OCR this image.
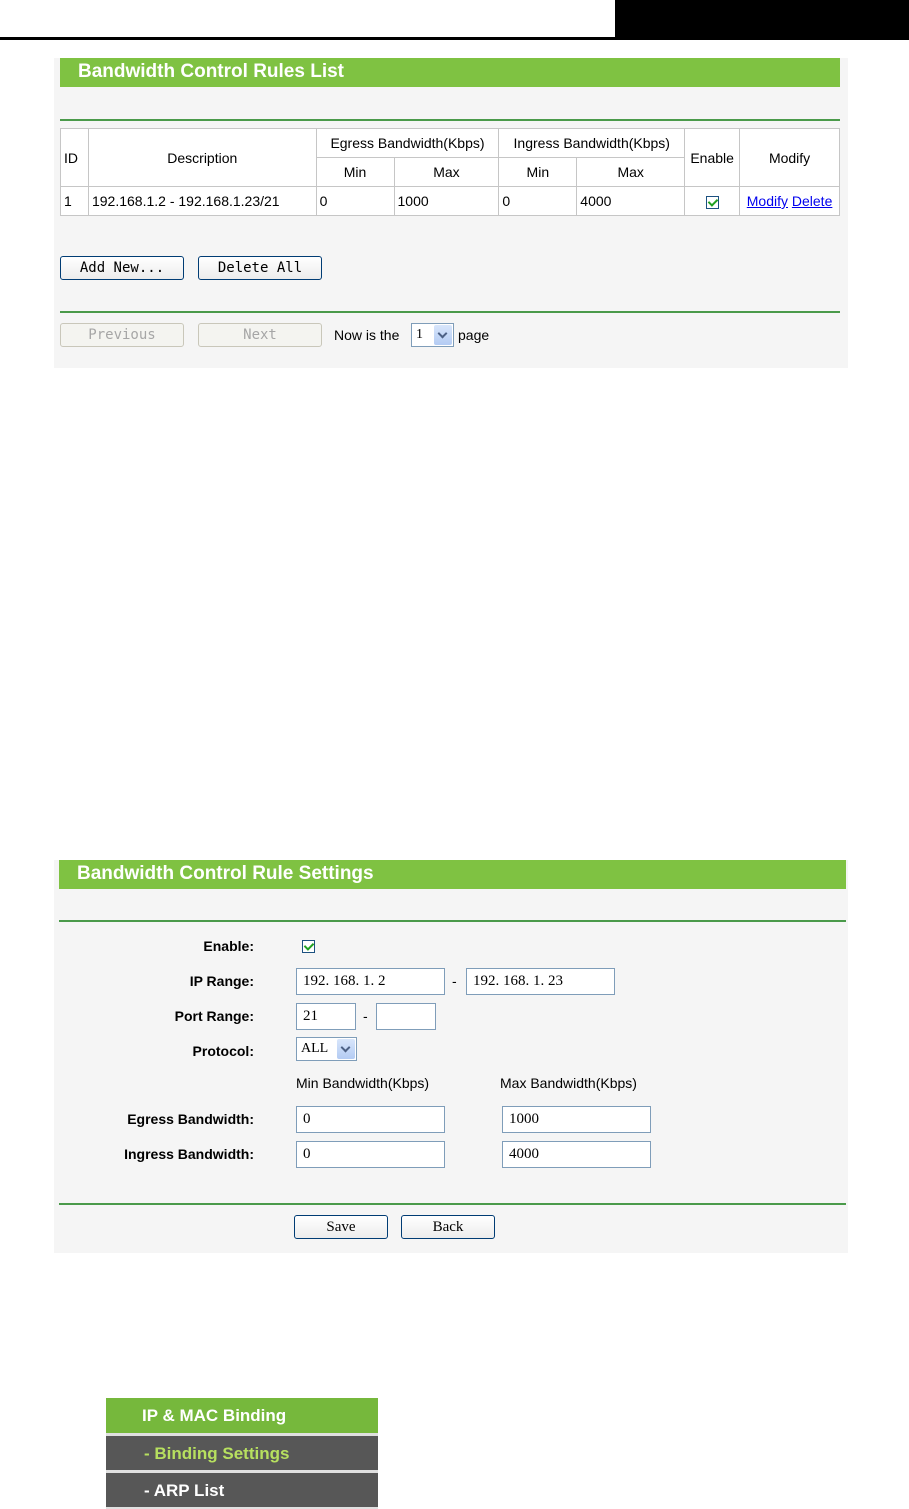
Bandwidth Control Rules List
ID	Description	Egress Bandwidth(Kbps)		Ingress Bandwidth(Kbps)		Enable	Modify
		Min	Max	Min	Max		
1	192.168.1.2 - 192.168.1.23/21	0	1000	0	4000		Modify Delete
Add New...	Delete All
Previous	Next	Now is the 1	page
Bandwidth Control Rule Settings
Enable:
IP Range:	192. 168. 1. 2	-	192. 168. 1. 23
Port Range:	21	-
Protocol:	ALL
Min Bandwidth(Kbps)	Max Bandwidth(Kbps)
Egress Bandwidth:	0	1000
Ingress Bandwidth:	0	4000
Save	Back
IP & MAC Binding
- Binding Settings
- ARP List
